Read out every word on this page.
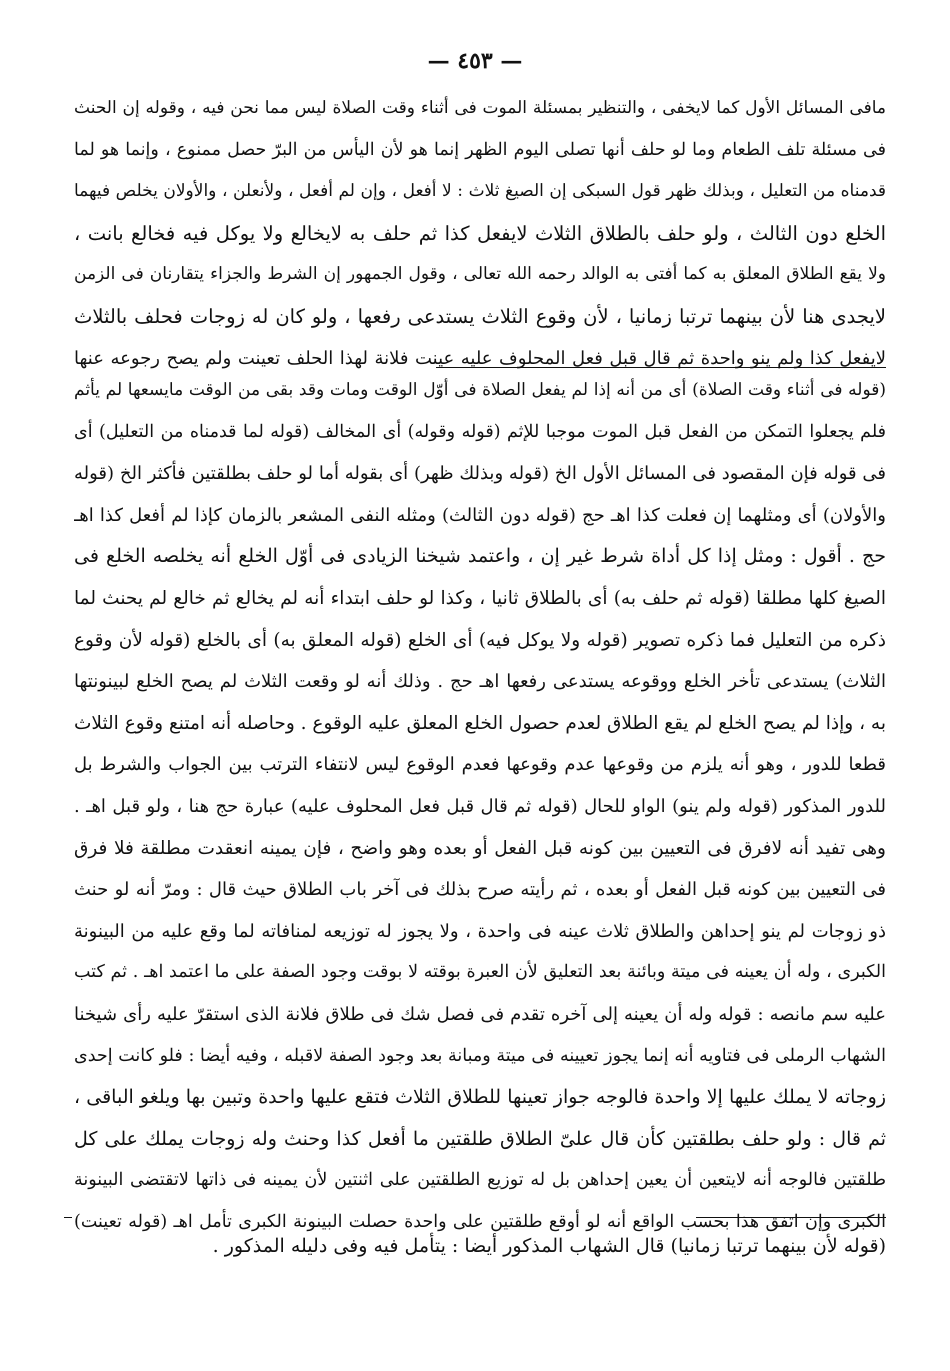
— ٤٥٣ —
مافى المسائل الأول كما لايخفى ، والتنظير بمسئلة الموت فى أثناء وقت الصلاة ليس مما نحن فيه ، وقوله إن الحنث
فى مسئلة تلف الطعام وما لو حلف أنها تصلى اليوم الظهر إنما هو لأن اليأس من البرّ حصل ممنوع ، وإنما هو لما
قدمناه من التعليل ، وبذلك ظهر قول السبكى إن الصيغ ثلاث : لا أفعل ، وإن لم أفعل ، ولأنعلن ، والأولان يخلص فيهما
الخلع دون الثالث ، ولو حلف بالطلاق الثلاث لايفعل كذا ثم حلف به لايخالع ولا يوكل فيه فخالع بانت ،
ولا يقع الطلاق المعلق به كما أفتى به الوالد رحمه الله تعالى ، وقول الجمهور إن الشرط والجزاء يتقارنان فى الزمن
لايجدى هنا لأن بينهما ترتبا زمانيا ، لأن وقوع الثلاث يستدعى رفعها ، ولو كان له زوجات فحلف بالثلاث
لايفعل كذا ولم ينو واحدة ثم قال قبل فعل المحلوف عليه عينت فلانة لهذا الحلف تعينت ولم يصح رجوعه عنها
(قوله فى أثناء وقت الصلاة) أى من أنه إذا لم يفعل الصلاة فى أوّل الوقت ومات وقد بقى من الوقت مايسعها لم يأثم
فلم يجعلوا التمكن من الفعل قبل الموت موجبا للإثم (قوله وقوله) أى المخالف (قوله لما قدمناه من التعليل) أى
فى قوله فإن المقصود فى المسائل الأول الخ (قوله وبذلك ظهر) أى بقوله أما لو حلف بطلقتين فأكثر الخ (قوله
والأولان) أى ومثلهما إن فعلت كذا اهـ حج (قوله دون الثالث) ومثله النفى المشعر بالزمان كإذا لم أفعل كذا اهـ
حج . أقول : ومثل إذا كل أداة شرط غير إن ، واعتمد شيخنا الزيادى فى أوّل الخلع أنه يخلصه الخلع فى
الصيغ كلها مطلقا (قوله ثم حلف به) أى بالطلاق ثانيا ، وكذا لو حلف ابتداء أنه لم يخالع ثم خالع لم يحنث لما
ذكره من التعليل فما ذكره تصوير (قوله ولا يوكل فيه) أى الخلع (قوله المعلق به) أى بالخلع (قوله لأن وقوع
الثلاث) يستدعى تأخر الخلع ووقوعه يستدعى رفعها اهـ حج . وذلك أنه لو وقعت الثلاث لم يصح الخلع لبينونتها
به ، وإذا لم يصح الخلع لم يقع الطلاق لعدم حصول الخلع المعلق عليه الوقوع . وحاصله أنه امتنع وقوع الثلاث
قطعا للدور ، وهو أنه يلزم من وقوعها عدم وقوعها فعدم الوقوع ليس لانتفاء الترتب بين الجواب والشرط بل
للدور المذكور (قوله ولم ينو) الواو للحال (قوله ثم قال قبل فعل المحلوف عليه) عبارة حج هنا ، ولو قبل اهـ .
وهى تفيد أنه لافرق فى التعيين بين كونه قبل الفعل أو بعده وهو واضح ، فإن يمينه انعقدت مطلقة فلا فرق
فى التعيين بين كونه قبل الفعل أو بعده ، ثم رأيته صرح بذلك فى آخر باب الطلاق حيث قال : ومرّ أنه لو حنث
ذو زوجات لم ينو إحداهن والطلاق ثلاث عينه فى واحدة ، ولا يجوز له توزيعه لمنافاته لما وقع عليه من البينونة
الكبرى ، وله أن يعينه فى ميتة وبائنة بعد التعليق لأن العبرة بوقته لا بوقت وجود الصفة على ما اعتمد اهـ . ثم كتب
عليه سم مانصه : قوله وله أن يعينه إلى آخره تقدم فى فصل شك فى طلاق فلانة الذى استقرّ عليه رأى شيخنا
الشهاب الرملى فى فتاويه أنه إنما يجوز تعيينه فى ميتة ومبانة بعد وجود الصفة لاقبله ، وفيه أيضا : فلو كانت إحدى
زوجاته لا يملك عليها إلا واحدة فالوجه جواز تعينها للطلاق الثلاث فتقع عليها واحدة وتبين بها ويلغو الباقى ،
ثم قال : ولو حلف بطلقتين كأن قال علىّ الطلاق طلقتين ما أفعل كذا وحنث وله زوجات يملك على كل
طلقتين فالوجه أنه لايتعين أن يعين إحداهن بل له توزيع الطلقتين على اثنتين لأن يمينه فى ذاتها لاتقتضى البينونة
الكبرى وإن اتفق هذا بحسب الواقع أنه لو أوقع طلقتين على واحدة حصلت البينونة الكبرى تأمل اهـ (قوله تعينت)
(قوله لأن بينهما ترتبا زمانيا) قال الشهاب المذكور أيضا : يتأمل فيه وفى دليله المذكور .
